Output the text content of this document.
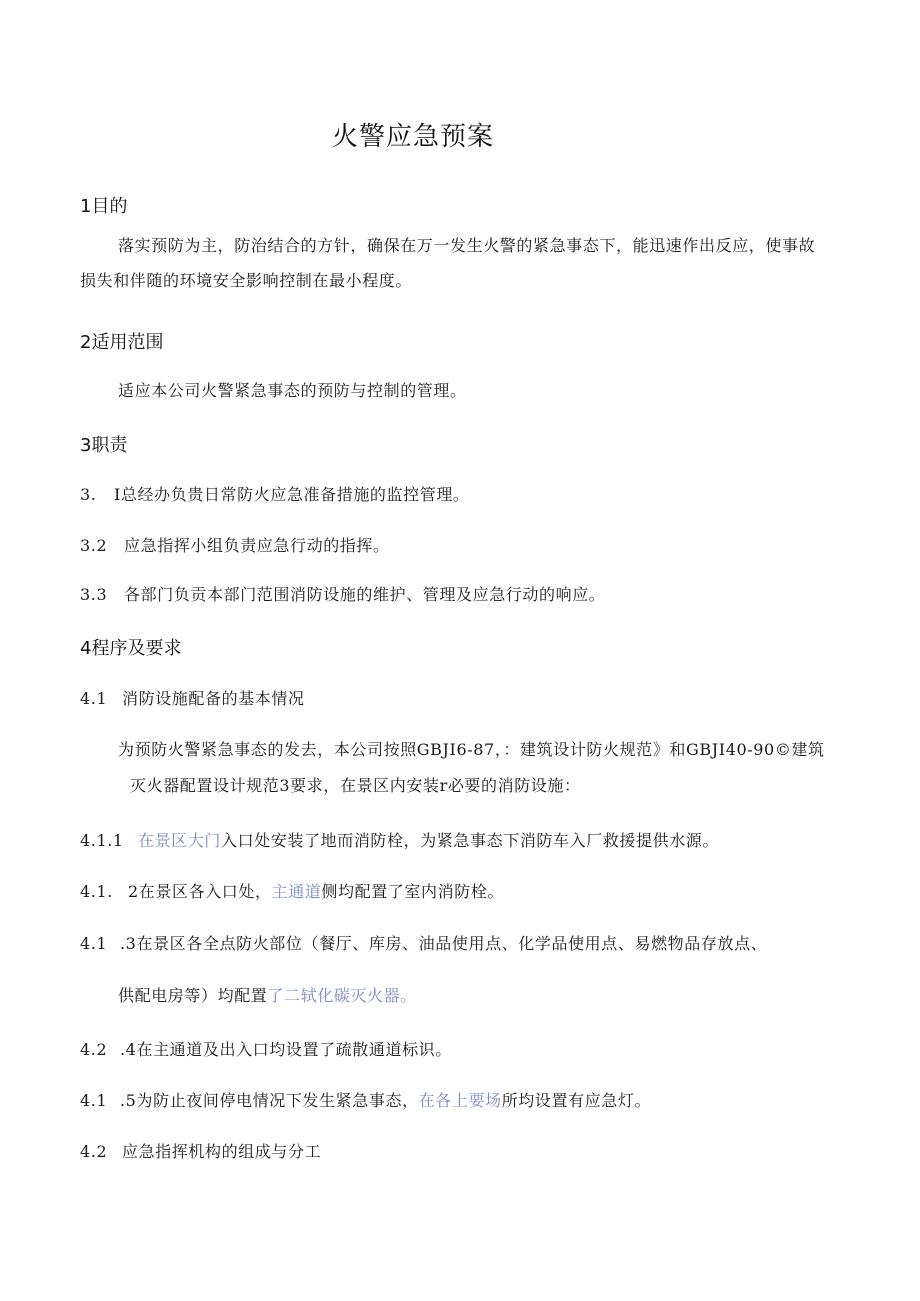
火警应急预案
1目的
落实预防为主，防治结合的方针，确保在万一发生火警的紧急事态下，能迅速作出反应，使事故
损失和伴随的环境安全影响控制在最小程度。
2适用范围
适应本公司火警紧急事态的预防与控制的管理。
3职责
3. I总经办负贵日常防火应急准备措施的监控管理。
3.2 应急指挥小组负责应急行动的指挥。
3.3 各部门负贡本部门范围消防设施的维护、管理及应急行动的响应。
4程序及要求
4.1 消防设施配备的基本情况
为预防火警紧急事态的发去，本公司按照GBJI6-87，：建筑设计防火规范》和GBJI40-90©建筑
灭火器配置设计规范3要求，在景区内安装r必要的消防设施：
4.1.1 在景区大门入口处安装了地而消防栓，为紧急事态下消防车入厂救援提供水源。
4.1. 2在景区各入口处，主通道侧均配置了室内消防栓。
4.1 .3在景区各全点防火部位（餐厅、库房、油品使用点、化学品使用点、易燃物品存放点、
供配电房等）均配置了二轼化碳灭火器。
4.2 .4在主通道及出入口均设置了疏散通道标识。
4.1 .5为防止夜间停电情况下发生紧急事态，在各上要场所均设置有应急灯。
4.2 应急指挥机构的组成与分工
